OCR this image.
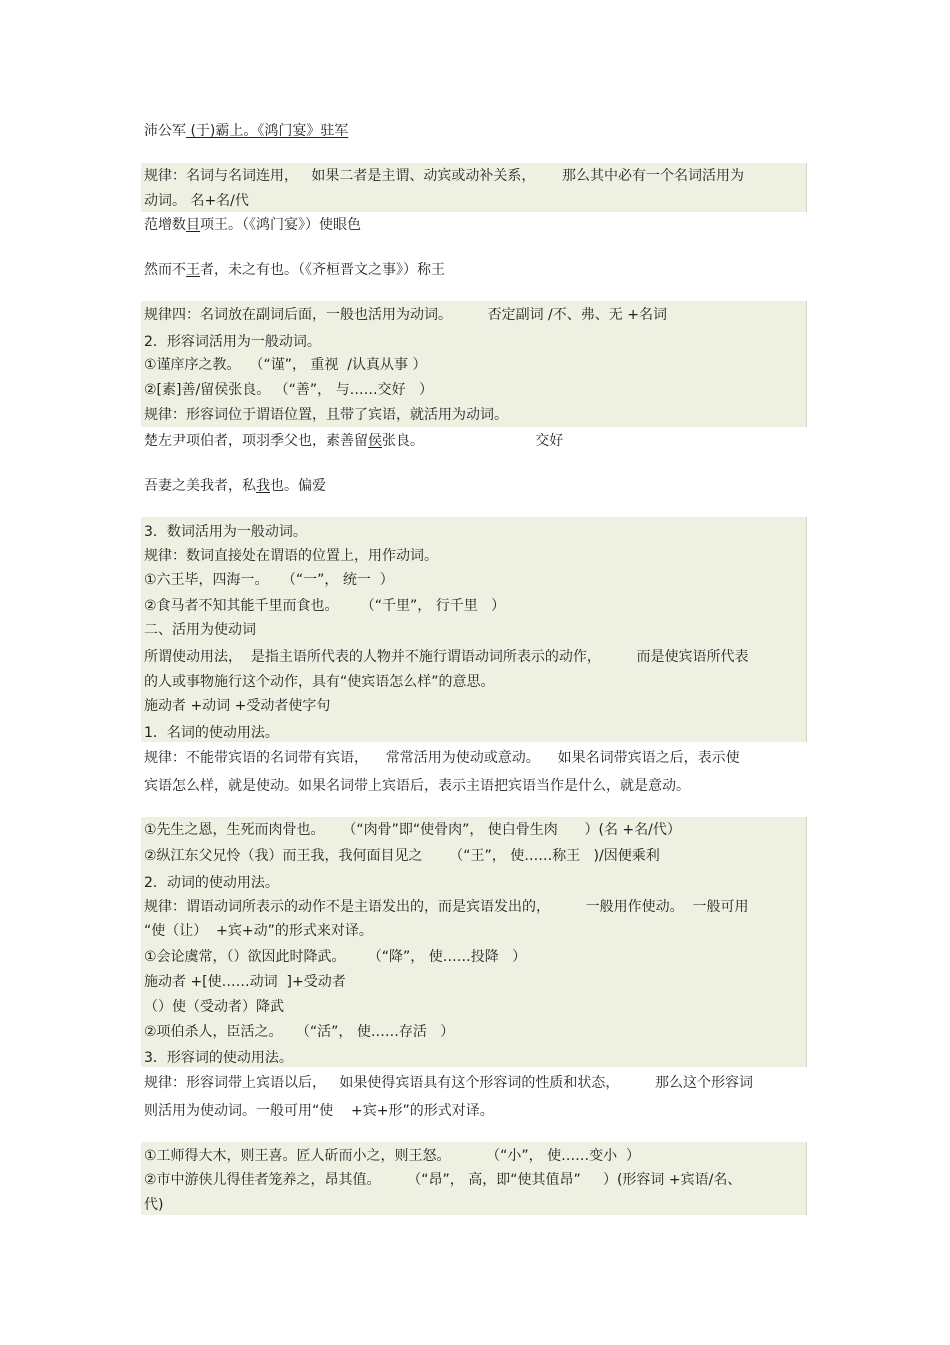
沛公军 (于)霸上。《鸿门宴》驻军
规律：名词与名词连用，   如果二者是主谓、动宾或动补关系，      那么其中必有一个名词活用为
动词。 名+名/代
范增数目项王。（《鸿门宴》）使眼色
然而不王者，未之有也。（《齐桓晋文之事》）称王
规律四：名词放在副词后面，一般也活用为动词。        否定副词 /不、弗、无 +名词
2．形容词活用为一般动词。
①谨庠序之教。  （“谨”， 重视  /认真从事 ）
②[素]善/留侯张良。 （“善”， 与……交好   ）
规律：形容词位于谓语位置，且带了宾语，就活用为动词。
楚左尹项伯者，项羽季父也，素善留侯张良。                         交好
吾妻之美我者，私我也。偏爱
3．数词活用为一般动词。
规律：数词直接处在谓语的位置上，用作动词。
①六王毕，四海一。   （“一”， 统一  ）
②食马者不知其能千里而食也。     （“千里”， 行千里   ）
二、活用为使动词
所谓使动用法，  是指主语所代表的人物并不施行谓语动词所表示的动作，        而是使宾语所代表
的人或事物施行这个动作，具有“使宾语怎么样”的意思。
施动者 +动词 +受动者使字句
1．名词的使动用法。
规律：不能带宾语的名词带有宾语，    常常活用为使动或意动。    如果名词带宾语之后，表示使
宾语怎么样，就是使动。如果名词带上宾语后，表示主语把宾语当作是什么，就是意动。
①先生之恩，生死而肉骨也。    （“肉骨”即“使骨肉”， 使白骨生肉      ）(名 +名/代）
②纵江东父兄怜（我）而王我，我何面目见之      （“王”， 使……称王   )/因便乘利
2．动词的使动用法。
规律：谓语动词所表示的动作不是主语发出的，而是宾语发出的，        一般用作使动。  一般可用
“使（让）  +宾+动”的形式来对译。
①会论虞常，（）欲因此时降武。     （“降”， 使……投降   ）
施动者 +[使……动词  ]+受动者
（）使（受动者）降武
②项伯杀人，臣活之。   （“活”， 使……存活   ）
3．形容词的使动用法。
规律：形容词带上宾语以后，   如果使得宾语具有这个形容词的性质和状态，        那么这个形容词
则活用为使动词。一般可用“使    +宾+形”的形式对译。
①工师得大木，则王喜。匠人斫而小之，则王怒。        （“小”， 使……变小  ）
②市中游侠儿得佳者笼养之，昂其值。      （“昂”， 高，即“使其值昂”     ）(形容词 +宾语/名、
代)
